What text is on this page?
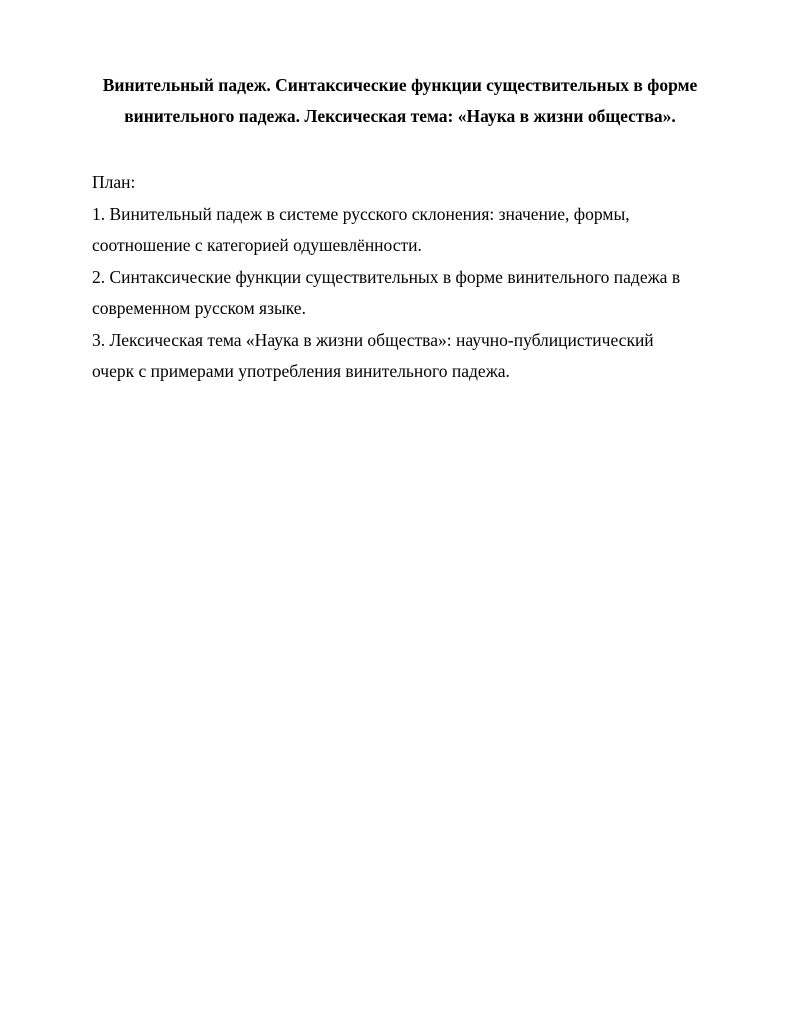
Винительный падеж. Синтаксические функции существительных в форме
винительного падежа. Лексическая тема: «Наука в жизни общества».

План:

1. Винительный падеж в системе русского склонения: значение, формы,

соотношение с категорией одушевлённости.

2. Синтаксические функции существительных в форме винительного падежа в

современном русском языке.

3. Лексическая тема «Наука в жизни общества»: научно-публицистический

очерк с примерами употребления винительного падежа.
